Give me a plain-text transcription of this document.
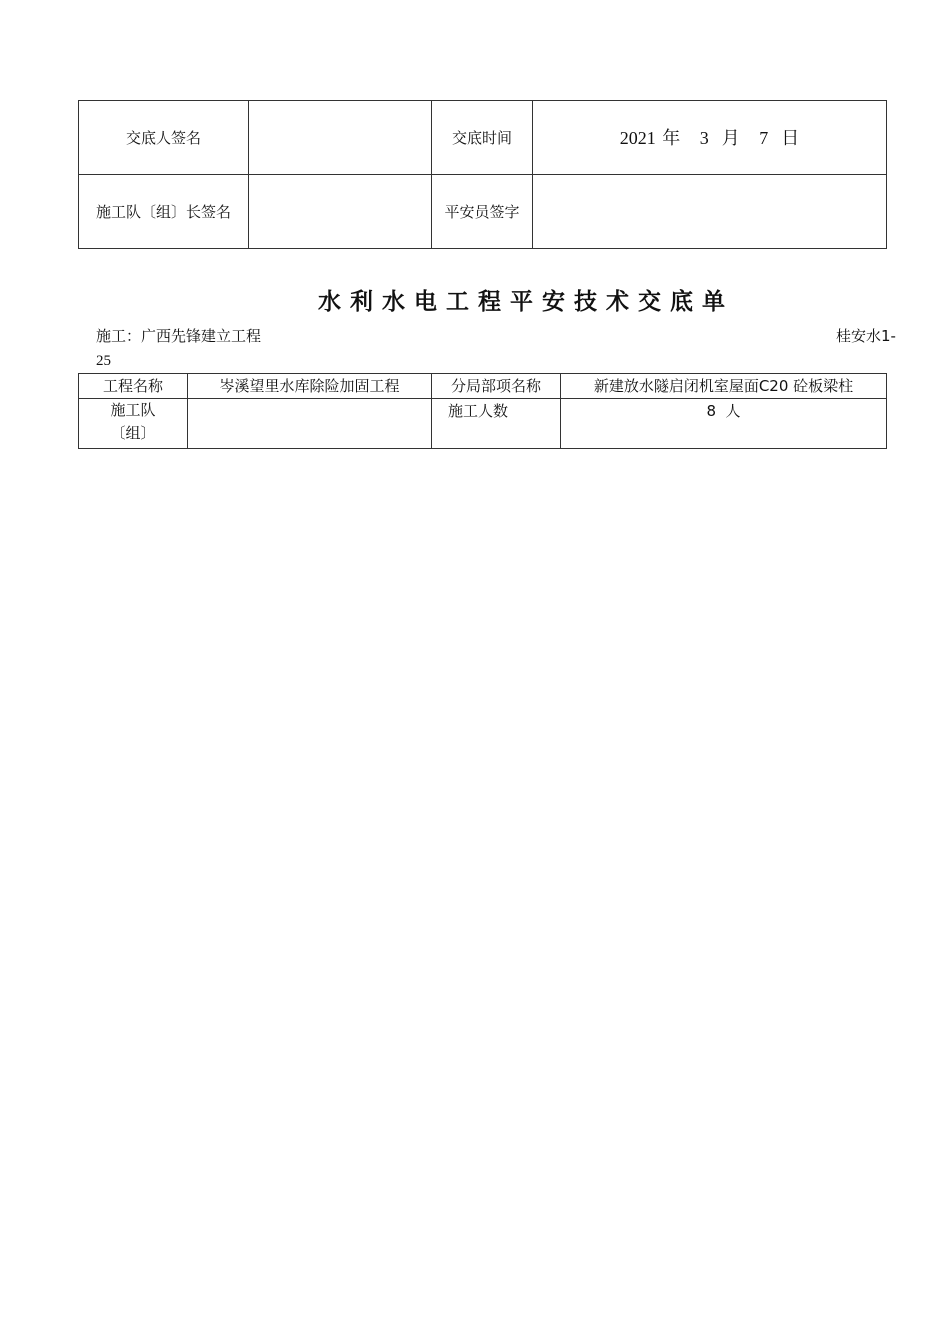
交底人签名		交底时间	2021 年   3  月   7  日
施工队〔组〕长签名		平安员签字	
水利水电工程平安技术交底单
施工：广西先锋建立工程	桂安水1-
25
工程名称	岑溪望里水库除险加固工程	分局部项名称	新建放水隧启闭机室屋面C20 砼板梁柱
施工队〔组〕		施工人数	8  人
